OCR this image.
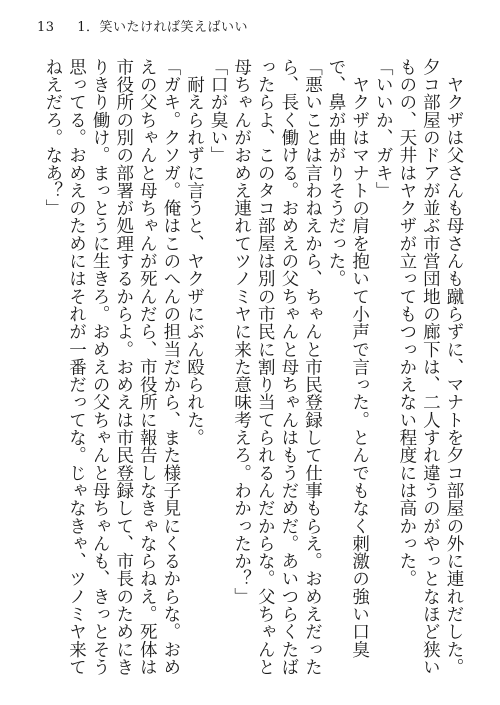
13 1．笑いたければ笑えばいい

　ヤクザは父さんも母さんも蹴らずに、マナトを夕コ部屋の外に連れだした。夕コ部屋のドアが並ぶ市営団地の廊下は、二人すれ違うのがやっとなほど狭いものの、天井はヤクザが立ってもつっかえない程度には高かった。

「いいか、ガキ」

　ヤクザはマナトの肩を抱いて小声で言った。とんでもなく刺激の強い口臭で、鼻が曲がりそうだった。

「悪いことは言わねえから、ちゃんと市民登録して仕事もらえ。おめえだったら、長く働ける。おめえの父ちゃんと母ちゃんはもうだめだ。あいつらくたばったらよ、このタコ部屋は別の市民に割り当てられるんだからな。父ちゃんと母ちゃんがおめえ連れてツノミヤに来た意味考えろ。わかったか？」

「口が臭い」

　耐えられずに言うと、ヤクザにぶん殴られた。

「ガキ。クソガ。俺はこのへんの担当だから、また様子見にくるからな。おめえの父ちゃんと母ちゃんが死んだら、市役所に報告しなきゃならねえ。死体は市役所の別の部署が処理するからよ。おめえは市民登録して、市長のためにきりきり働け。まっとうに生きろ。おめえの父ちゃんと母ちゃんも、きっとそう思ってる。おめえのためにはそれが一番だってな。じゃなきゃ、ツノミヤ来てねえだろ。なあ？」
